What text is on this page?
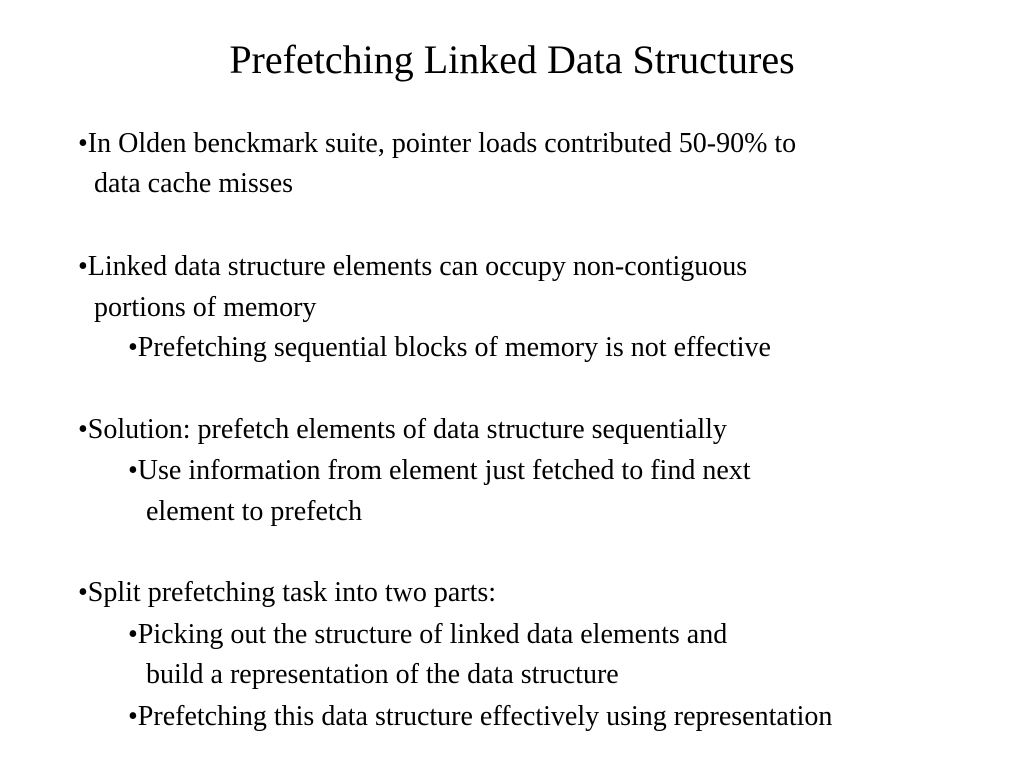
Prefetching Linked Data Structures
•In Olden benckmark suite, pointer loads contributed 50-90% to
data cache misses
•Linked data structure elements can occupy non-contiguous
portions of memory
•Prefetching sequential blocks of memory is not effective
•Solution: prefetch elements of data structure sequentially
•Use information from element just fetched to find next
element to prefetch
•Split prefetching task into two parts:
•Picking out the structure of linked data elements and
build a representation of the data structure
•Prefetching this data structure effectively using representation
